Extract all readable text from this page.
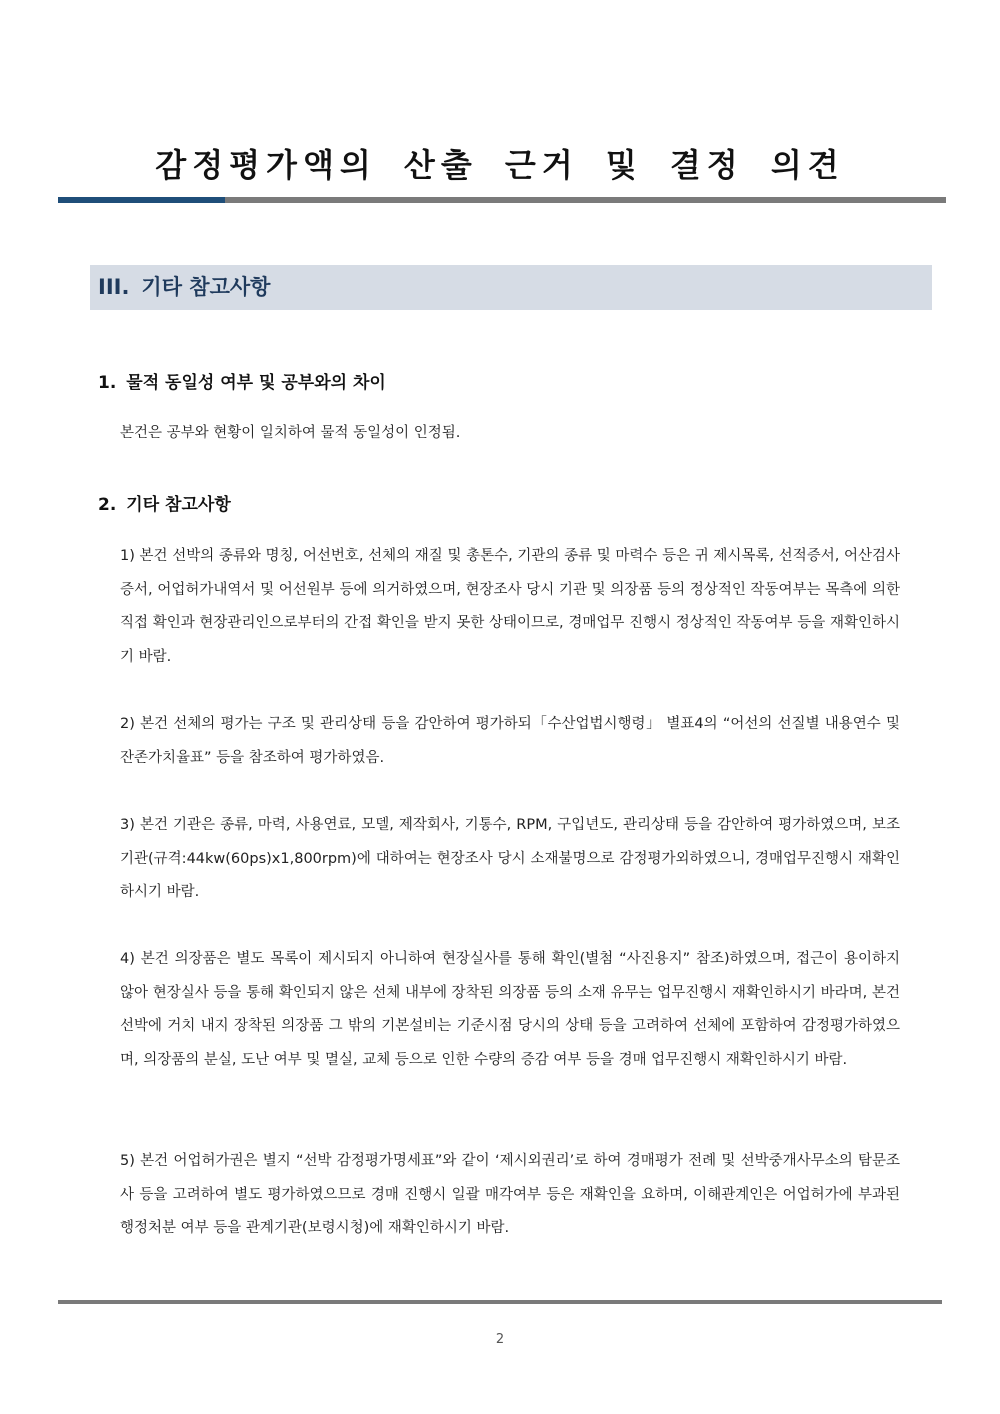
감정평가액의 산출 근거 및 결정 의견
III. 기타 참고사항
1. 물적 동일성 여부 및 공부와의 차이
본건은 공부와 현황이 일치하여 물적 동일성이 인정됨.
2. 기타 참고사항
1) 본건 선박의 종류와 명칭, 어선번호, 선체의 재질 및 총톤수, 기관의 종류 및 마력수 등은 귀 제시목록, 선적증서, 어산검사증서, 어업허가내역서 및 어선원부 등에 의거하였으며, 현장조사 당시 기관 및 의장품 등의 정상적인 작동여부는 목측에 의한 직접 확인과 현장관리인으로부터의 간접 확인을 받지 못한 상태이므로, 경매업무 진행시 정상적인 작동여부 등을 재확인하시기 바람.
2) 본건 선체의 평가는 구조 및 관리상태 등을 감안하여 평가하되「수산업법시행령」 별표4의 “어선의 선질별 내용연수 및 잔존가치율표” 등을 참조하여 평가하였음.
3) 본건 기관은 종류, 마력, 사용연료, 모델, 제작회사, 기통수, RPM, 구입년도, 관리상태 등을 감안하여 평가하였으며, 보조기관(규격:44kw(60ps)x1,800rpm)에 대하여는 현장조사 당시 소재불명으로 감정평가외하였으니, 경매업무진행시 재확인하시기 바람.
4) 본건 의장품은 별도 목록이 제시되지 아니하여 현장실사를 통해 확인(별첨 “사진용지” 참조)하였으며, 접근이 용이하지 않아 현장실사 등을 통해 확인되지 않은 선체 내부에 장착된 의장품 등의 소재 유무는 업무진행시 재확인하시기 바라며, 본건 선박에 거치 내지 장착된 의장품 그 밖의 기본설비는 기준시점 당시의 상태 등을 고려하여 선체에 포함하여 감정평가하였으며, 의장품의 분실, 도난 여부 및 멸실, 교체 등으로 인한 수량의 증감 여부 등을 경매 업무진행시 재확인하시기 바람.
5) 본건 어업허가권은 별지 “선박 감정평가명세표”와 같이 ‘제시외권리’로 하여 경매평가 전례 및 선박중개사무소의 탐문조사 등을 고려하여 별도 평가하였으므로 경매 진행시 일괄 매각여부 등은 재확인을 요하며, 이해관계인은 어업허가에 부과된 행정처분 여부 등을 관계기관(보령시청)에 재확인하시기 바람.
2
